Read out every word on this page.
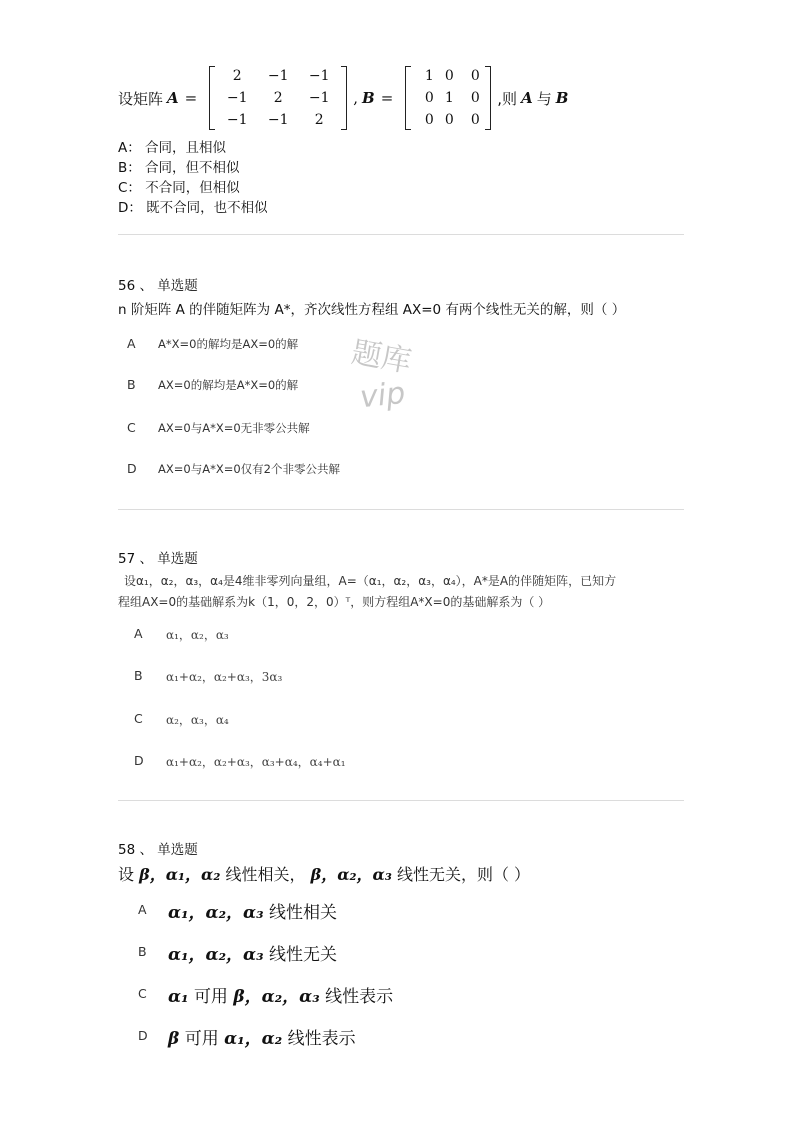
设矩阵 A =
2	−1	−1
−1	2	−1
−1	−1	2
, B =
1 0	0
0 1	0
0 0	0
,则 A 与 B
A： 合同，且相似
B： 合同，但不相似
C： 不合同，但相似
D： 既不合同，也不相似
56 、 单选题
n 阶矩阵 A 的伴随矩阵为 A*，齐次线性方程组 AX=0 有两个线性无关的解，则（ ）
A A*X=0的解均是AX=0的解
B AX=0的解均是A*X=0的解
C AX=0与A*X=0无非零公共解
D AX=0与A*X=0仅有2个非零公共解
题库
vip
57 、 单选题
设α₁，α₂，α₃，α₄是4维非零列向量组，A=（α₁，α₂，α₃，α₄），A*是A的伴随矩阵，已知方
程组AX=0的基础解系为k（1，0，2，0）ᵀ，则方程组A*X=0的基础解系为（ ）
A α₁，α₂，α₃
B α₁+α₂，α₂+α₃，3α₃
C α₂，α₃，α₄
D α₁+α₂，α₂+α₃，α₃+α₄，α₄+α₁
58 、 单选题
设 β，α₁，α₂ 线性相关， β，α₂，α₃ 线性无关，则（ ）
A α₁，α₂，α₃ 线性相关
B α₁，α₂，α₃ 线性无关
C α₁ 可用 β，α₂，α₃ 线性表示
D β 可用 α₁，α₂ 线性表示
